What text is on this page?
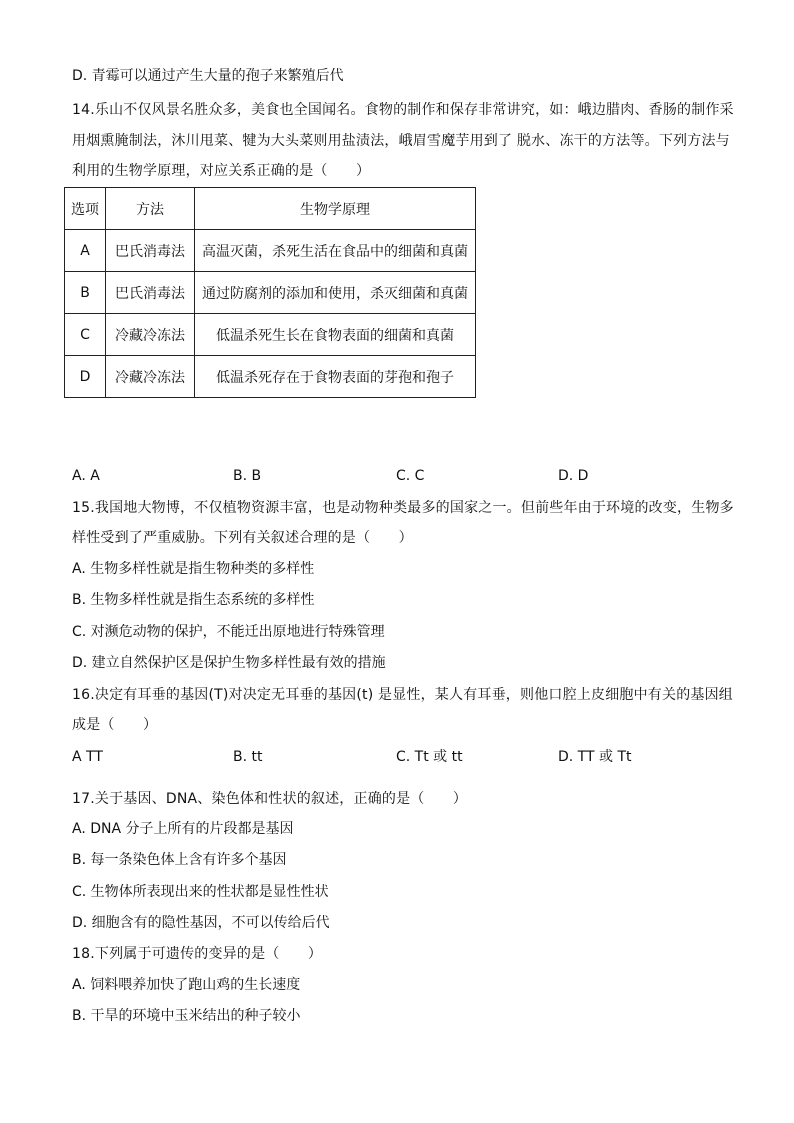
D. 青霉可以通过产生大量的孢子来繁殖后代
14.乐山不仅风景名胜众多，美食也全国闻名。食物的制作和保存非常讲究，如：峨边腊肉、香肠的制作采
用烟熏腌制法，沐川甩菜、犍为大头菜则用盐渍法，峨眉雪魔芋用到了 脱水、冻干的方法等。下列方法与
利用的生物学原理，对应关系正确的是（　　）
选项	方法	生物学原理
A	巴氏消毒法	高温灭菌，杀死生活在食品中的细菌和真菌
B	巴氏消毒法	通过防腐剂的添加和使用，杀灭细菌和真菌
C	冷藏冷冻法	低温杀死生长在食物表面的细菌和真菌
D	冷藏冷冻法	低温杀死存在于食物表面的芽孢和孢子
A. A	B. B	C. C	D. D
15.我国地大物博，不仅植物资源丰富，也是动物种类最多的国家之一。但前些年由于环境的改变，生物多
样性受到了严重威胁。下列有关叙述合理的是（　　）
A. 生物多样性就是指生物种类的多样性
B. 生物多样性就是指生态系统的多样性
C. 对濒危动物的保护，不能迁出原地进行特殊管理
D. 建立自然保护区是保护生物多样性最有效的措施
16.决定有耳垂的基因(T)对决定无耳垂的基因(t) 是显性，某人有耳垂，则他口腔上皮细胞中有关的基因组
成是（　　）
A TT	B. tt	C. Tt 或 tt	D. TT 或 Tt
17.关于基因、DNA、染色体和性状的叙述，正确的是（　　）
A. DNA 分子上所有的片段都是基因
B. 每一条染色体上含有许多个基因
C. 生物体所表现出来的性状都是显性性状
D. 细胞含有的隐性基因，不可以传给后代
18.下列属于可遗传的变异的是（　　）
A. 饲料喂养加快了跑山鸡的生长速度
B. 干旱的环境中玉米结出的种子较小
